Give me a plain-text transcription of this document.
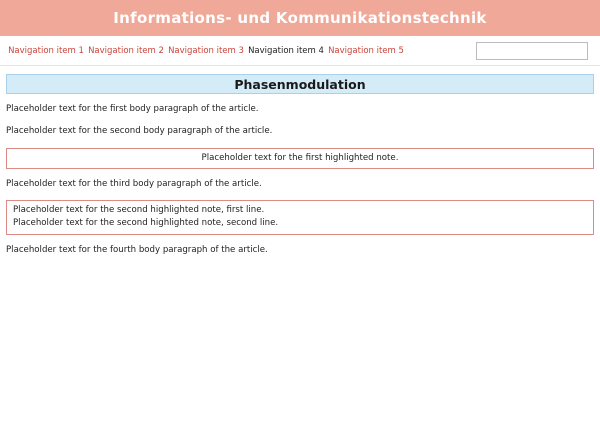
Informations- und Kommunikationstechnik
Navigation item 1 Navigation item 2 Navigation item 3 Navigation item 4 Navigation item 5

Phasenmodulation

Placeholder text for the first body paragraph of the article.

Placeholder text for the second body paragraph of the article.

Placeholder text for the first highlighted note.

Placeholder text for the third body paragraph of the article.

Placeholder text for the second highlighted note, first line.
Placeholder text for the second highlighted note, second line.

Placeholder text for the fourth body paragraph of the article.
